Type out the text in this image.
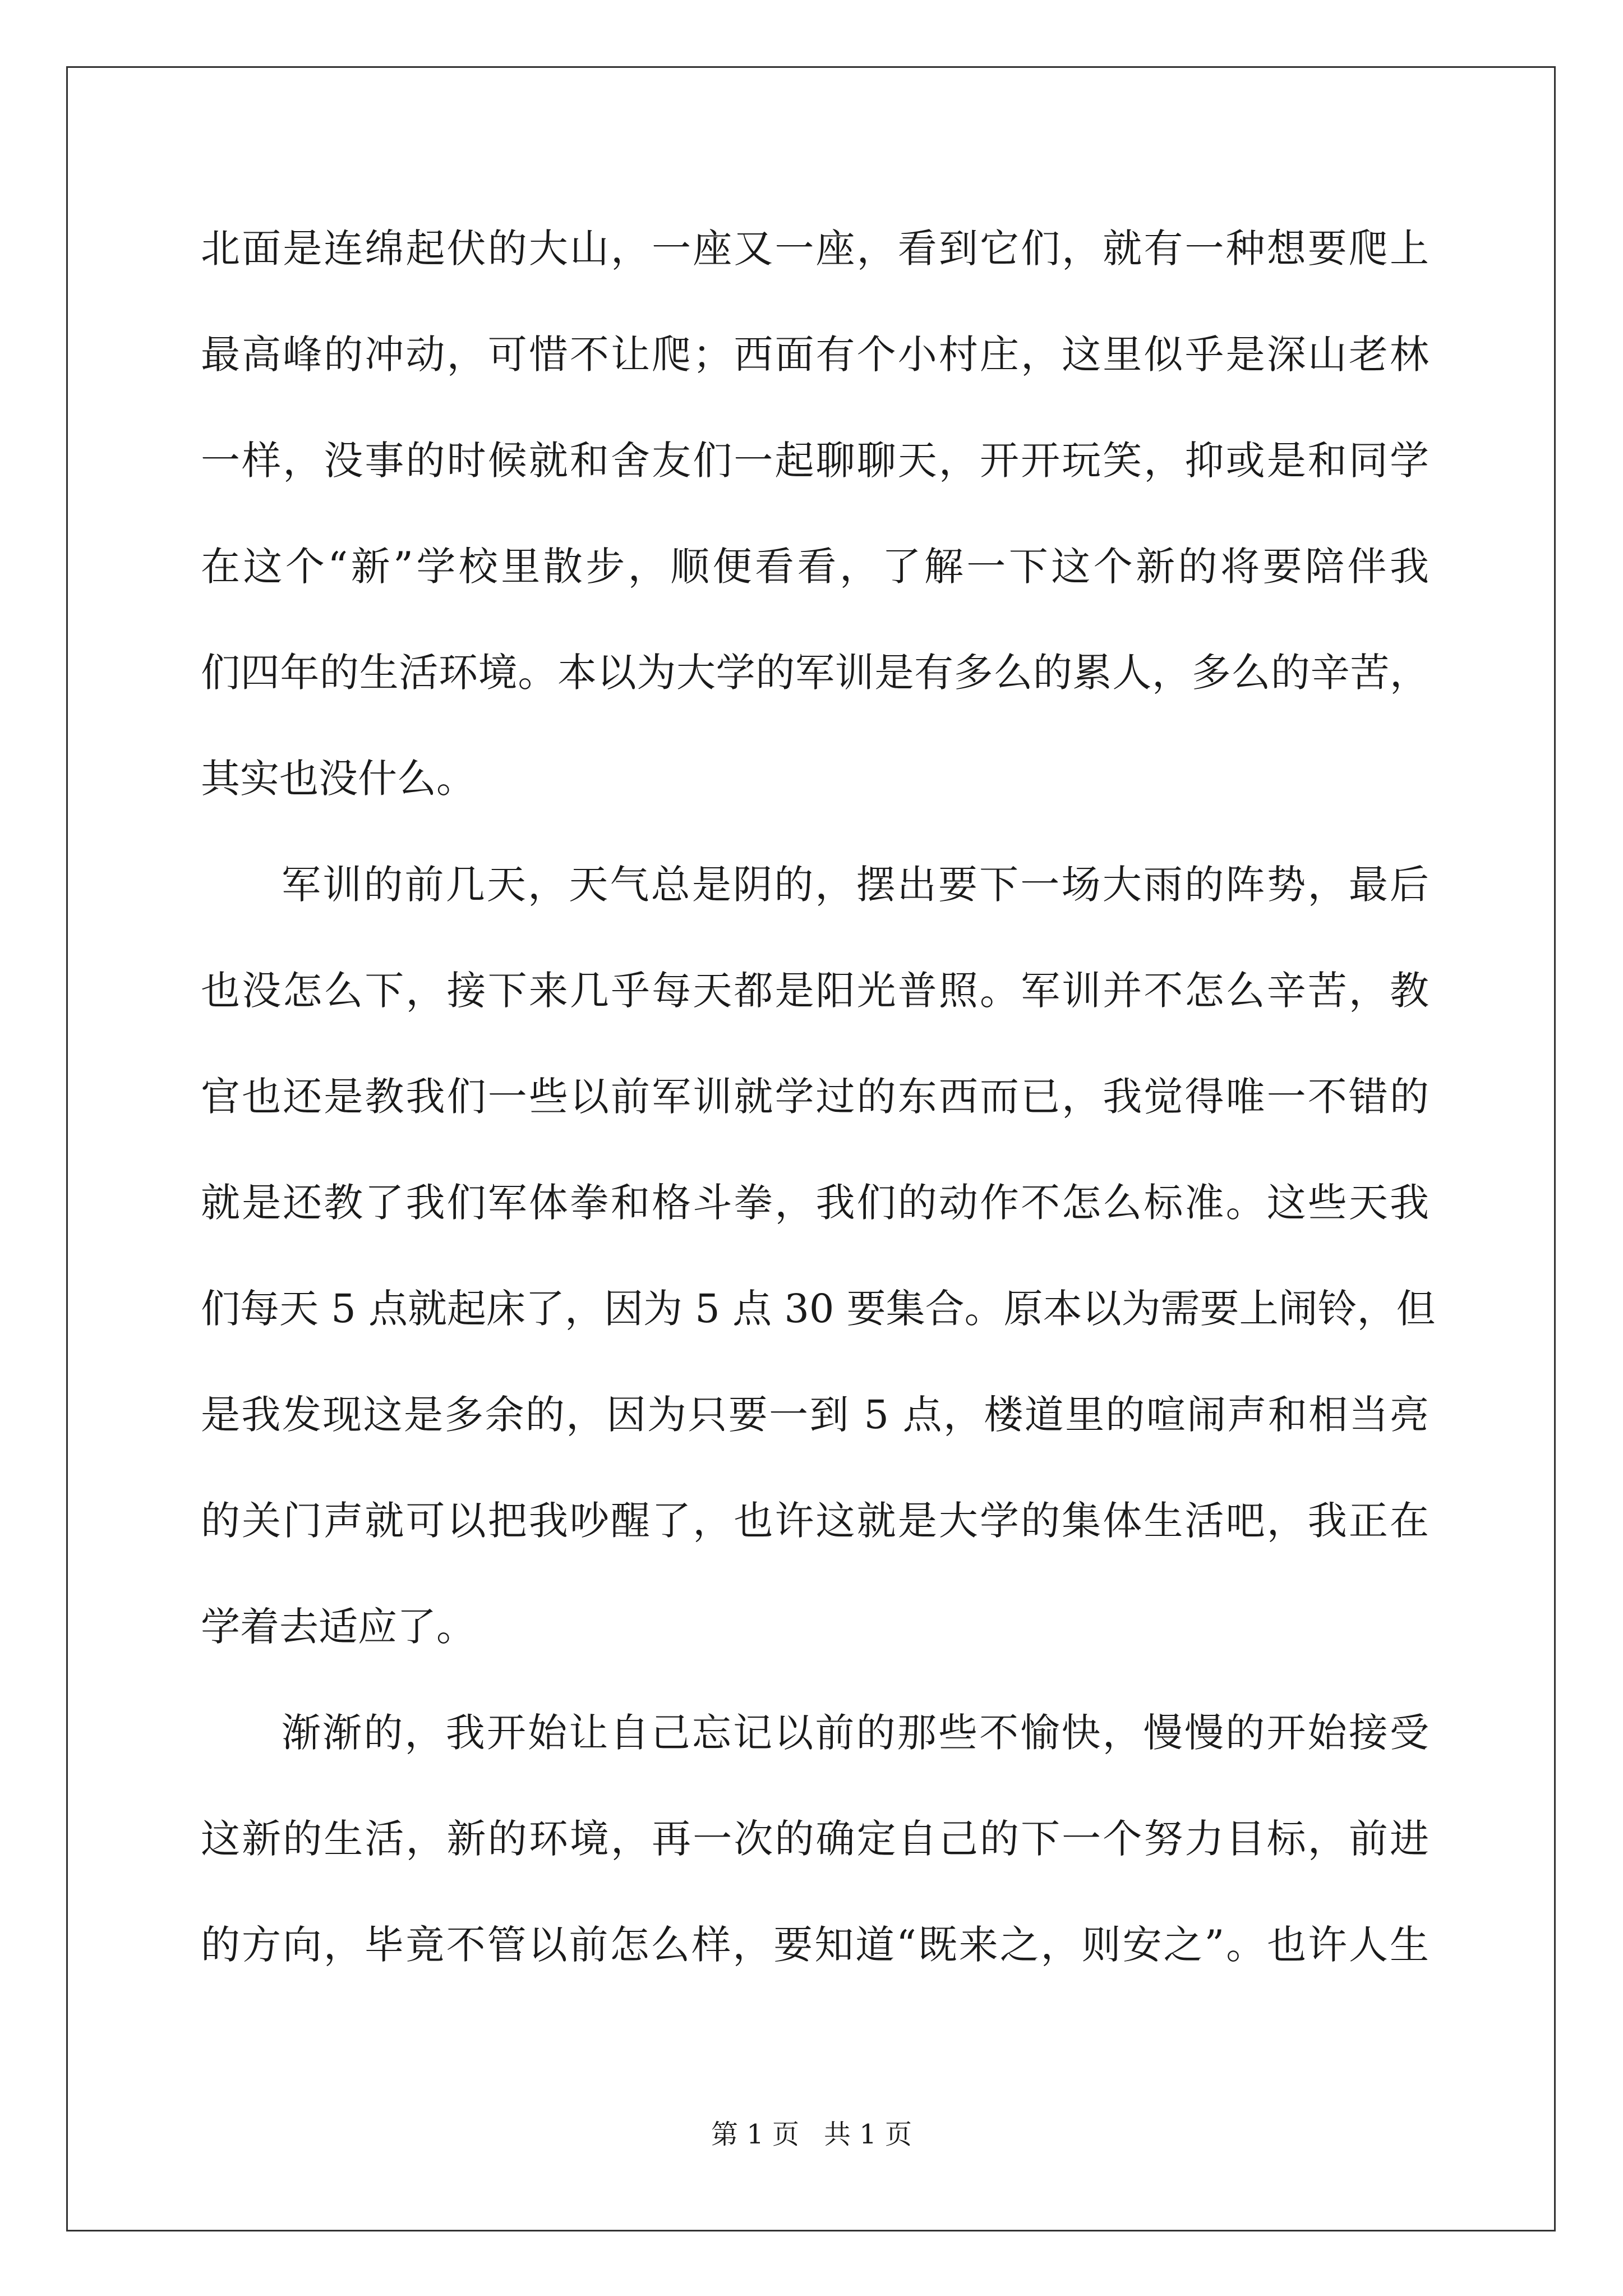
北面是连绵起伏的大山，一座又一座，看到它们，就有一种想要爬上
最高峰的冲动，可惜不让爬；西面有个小村庄，这里似乎是深山老林
一样，没事的时候就和舍友们一起聊聊天，开开玩笑，抑或是和同学
在这个“新”学校里散步，顺便看看，了解一下这个新的将要陪伴我
们四年的生活环境。本以为大学的军训是有多么的累人，多么的辛苦，
其实也没什么。
军训的前几天，天气总是阴的，摆出要下一场大雨的阵势，最后
也没怎么下，接下来几乎每天都是阳光普照。军训并不怎么辛苦，教
官也还是教我们一些以前军训就学过的东西而已，我觉得唯一不错的
就是还教了我们军体拳和格斗拳，我们的动作不怎么标准。这些天我
们每天 5 点就起床了，因为 5 点 30 要集合。原本以为需要上闹铃，但
是我发现这是多余的，因为只要一到 5 点，楼道里的喧闹声和相当亮
的关门声就可以把我吵醒了，也许这就是大学的集体生活吧，我正在
学着去适应了。
渐渐的，我开始让自己忘记以前的那些不愉快，慢慢的开始接受
这新的生活，新的环境，再一次的确定自己的下一个努力目标，前进
的方向，毕竟不管以前怎么样，要知道“既来之，则安之”。也许人生
第 1 页 共 1 页
